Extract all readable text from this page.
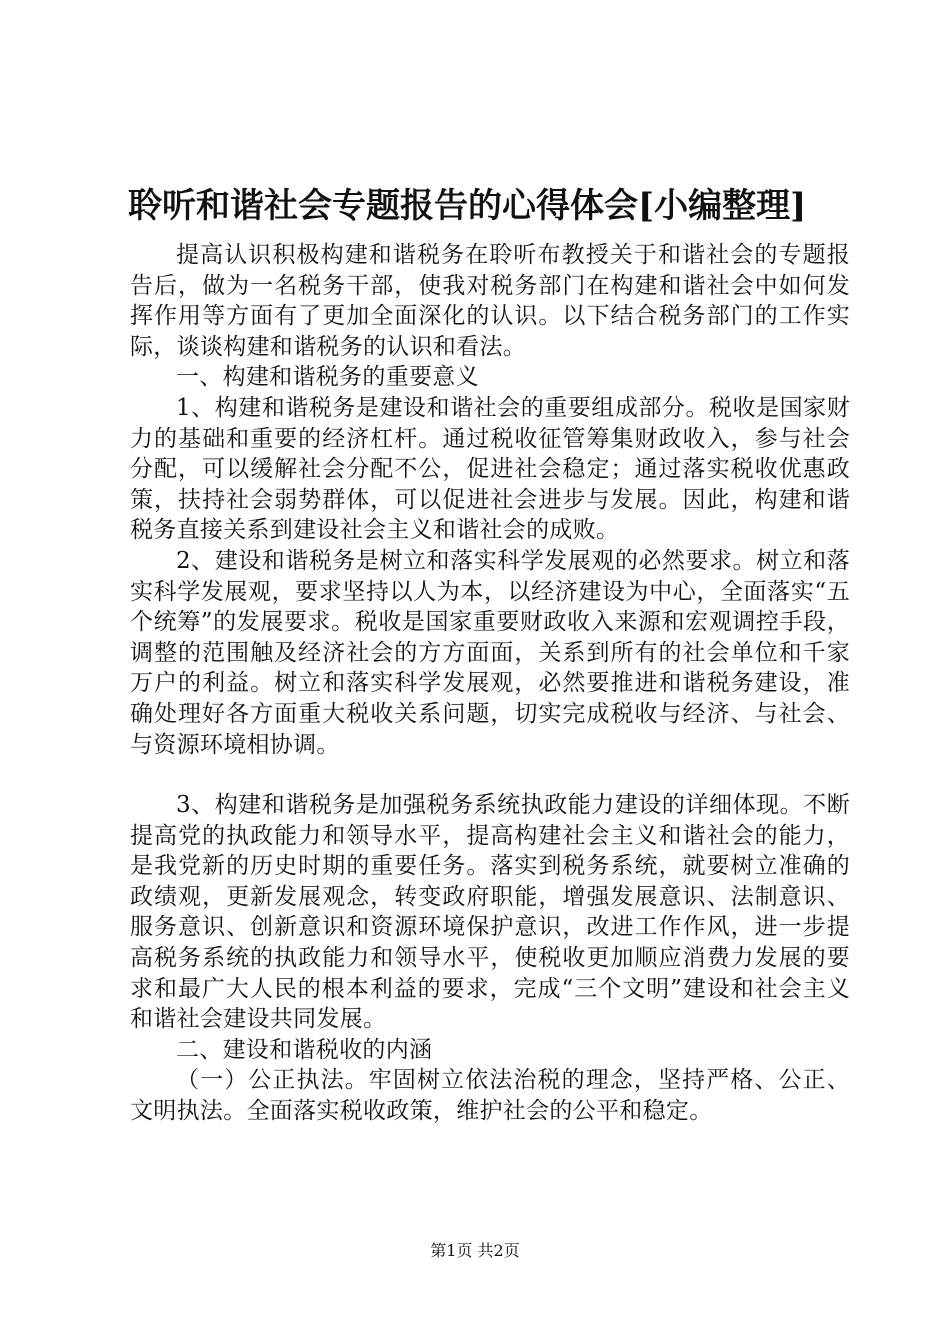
聆听和谐社会专题报告的心得体会[小编整理]

提高认识积极构建和谐税务在聆听布教授关于和谐社会的专题报告后，做为一名税务干部，使我对税务部门在构建和谐社会中如何发挥作用等方面有了更加全面深化的认识。以下结合税务部门的工作实际，谈谈构建和谐税务的认识和看法。

一、构建和谐税务的重要意义

1、构建和谐税务是建设和谐社会的重要组成部分。税收是国家财力的基础和重要的经济杠杆。通过税收征管筹集财政收入，参与社会分配，可以缓解社会分配不公，促进社会稳定；通过落实税收优惠政策，扶持社会弱势群体，可以促进社会进步与发展。因此，构建和谐税务直接关系到建设社会主义和谐社会的成败。

2、建设和谐税务是树立和落实科学发展观的必然要求。树立和落实科学发展观，要求坚持以人为本，以经济建设为中心，全面落实“五个统筹”的发展要求。税收是国家重要财政收入来源和宏观调控手段，调整的范围触及经济社会的方方面面，关系到所有的社会单位和千家万户的利益。树立和落实科学发展观，必然要推进和谐税务建设，准确处理好各方面重大税收关系问题，切实完成税收与经济、与社会、与资源环境相协调。

3、构建和谐税务是加强税务系统执政能力建设的详细体现。不断提高党的执政能力和领导水平，提高构建社会主义和谐社会的能力，是我党新的历史时期的重要任务。落实到税务系统，就要树立准确的政绩观，更新发展观念，转变政府职能，增强发展意识、法制意识、服务意识、创新意识和资源环境保护意识，改进工作作风，进一步提高税务系统的执政能力和领导水平，使税收更加顺应消费力发展的要求和最广大人民的根本利益的要求，完成“三个文明”建设和社会主义和谐社会建设共同发展。

二、建设和谐税收的内涵

（一）公正执法。牢固树立依法治税的理念，坚持严格、公正、文明执法。全面落实税收政策，维护社会的公平和稳定。

第1页 共2页
